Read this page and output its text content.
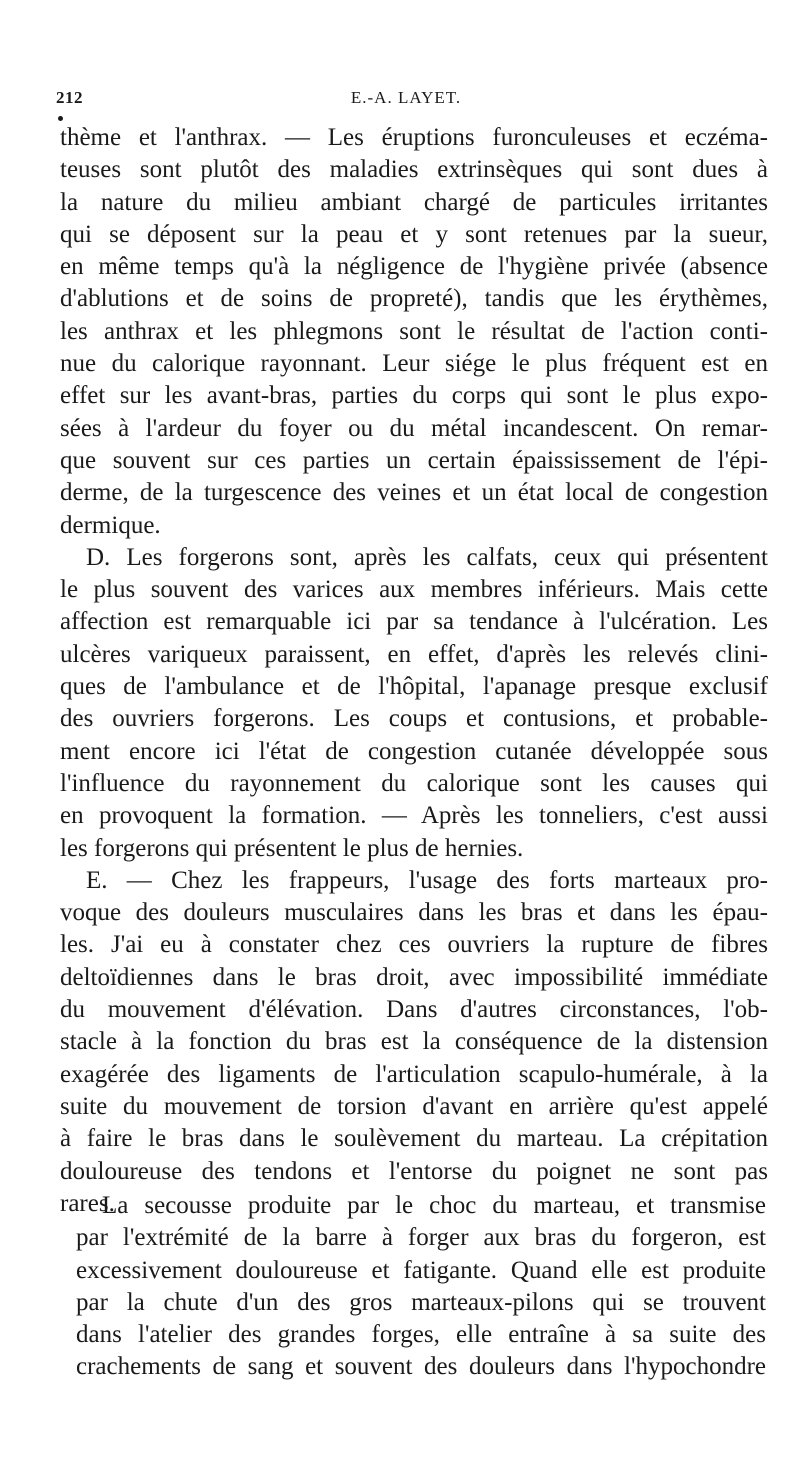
212	E.-A. LAYET.
thème et l'anthrax. — Les éruptions furonculeuses et eczéma-
teuses sont plutôt des maladies extrinsèques qui sont dues à
la nature du milieu ambiant chargé de particules irritantes
qui se déposent sur la peau et y sont retenues par la sueur,
en même temps qu'à la négligence de l'hygiène privée (absence
d'ablutions et de soins de propreté), tandis que les érythèmes,
les anthrax et les phlegmons sont le résultat de l'action conti-
nue du calorique rayonnant. Leur siége le plus fréquent est en
effet sur les avant-bras, parties du corps qui sont le plus expo-
sées à l'ardeur du foyer ou du métal incandescent. On remar-
que souvent sur ces parties un certain épaississement de l'épi-
derme, de la turgescence des veines et un état local de congestion
dermique.
D. Les forgerons sont, après les calfats, ceux qui présentent
le plus souvent des varices aux membres inférieurs. Mais cette
affection est remarquable ici par sa tendance à l'ulcération. Les
ulcères variqueux paraissent, en effet, d'après les relevés clini-
ques de l'ambulance et de l'hôpital, l'apanage presque exclusif
des ouvriers forgerons. Les coups et contusions, et probable-
ment encore ici l'état de congestion cutanée développée sous
l'influence du rayonnement du calorique sont les causes qui
en provoquent la formation. — Après les tonneliers, c'est aussi
les forgerons qui présentent le plus de hernies.
E. — Chez les frappeurs, l'usage des forts marteaux pro-
voque des douleurs musculaires dans les bras et dans les épau-
les. J'ai eu à constater chez ces ouvriers la rupture de fibres
deltoïdiennes dans le bras droit, avec impossibilité immédiate
du mouvement d'élévation. Dans d'autres circonstances, l'ob-
stacle à la fonction du bras est la conséquence de la distension
exagérée des ligaments de l'articulation scapulo-humérale, à la
suite du mouvement de torsion d'avant en arrière qu'est appelé
à faire le bras dans le soulèvement du marteau. La crépitation
douloureuse des tendons et l'entorse du poignet ne sont pas
rares.
La secousse produite par le choc du marteau, et transmise
par l'extrémité de la barre à forger aux bras du forgeron, est
excessivement douloureuse et fatigante. Quand elle est produite
par la chute d'un des gros marteaux-pilons qui se trouvent
dans l'atelier des grandes forges, elle entraîne à sa suite des
crachements de sang et souvent des douleurs dans l'hypochondre
